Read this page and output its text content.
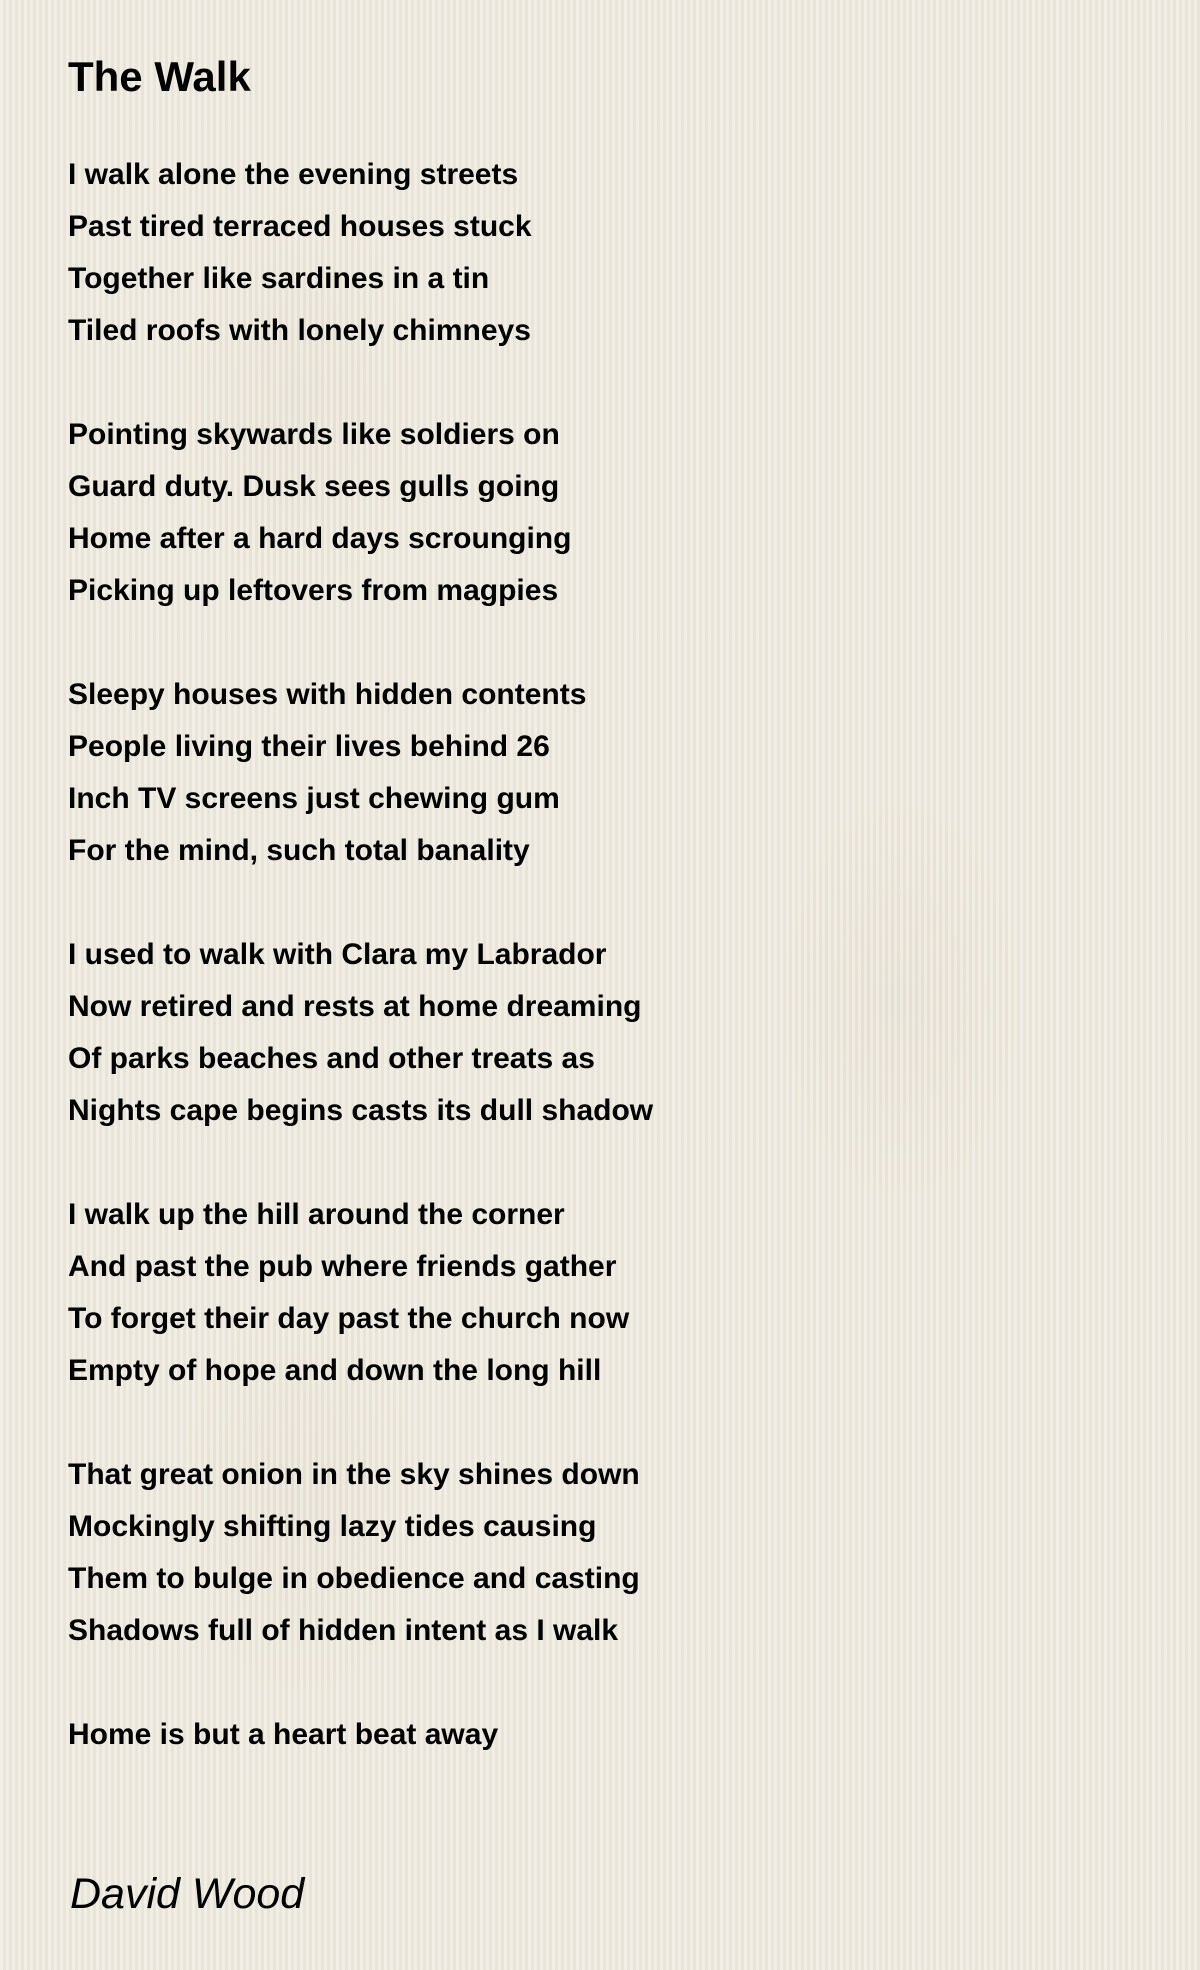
The Walk
I walk alone the evening streets
Past tired terraced houses stuck
Together like sardines in a tin
Tiled roofs with lonely chimneys
Pointing skywards like soldiers on
Guard duty. Dusk sees gulls going
Home after a hard days scrounging
Picking up leftovers from magpies
Sleepy houses with hidden contents
People living their lives behind 26
Inch TV screens just chewing gum
For the mind, such total banality
I used to walk with Clara my Labrador
Now retired and rests at home dreaming
Of parks beaches and other treats as
Nights cape begins casts its dull shadow
I walk up the hill around the corner
And past the pub where friends gather
To forget their day past the church now
Empty of hope and down the long hill
That great onion in the sky shines down
Mockingly shifting lazy tides causing
Them to bulge in obedience and casting
Shadows full of hidden intent as I walk
Home is but a heart beat away
David Wood
